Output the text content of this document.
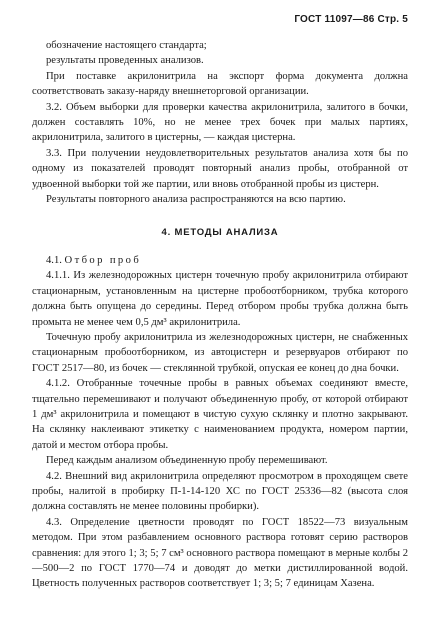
ГОСТ 11097—86 Стр. 5

обозначение настоящего стандарта;

результаты проведенных анализов.

При поставке акрилонитрила на экспорт форма документа должна соответствовать заказу-наряду внешнеторговой организации.

3.2. Объем выборки для проверки качества акрилонитрила, залитого в бочки, должен составлять 10%, но не менее трех бочек при малых партиях, акрилонитрила, залитого в цистерны, — каждая цистерна.

3.3. При получении неудовлетворительных результатов анализа хотя бы по одному из показателей проводят повторный анализ пробы, отобранной от удвоенной выборки той же партии, или вновь отобранной пробы из цистерн.

Результаты повторного анализа распространяются на всю партию.

4. МЕТОДЫ АНАЛИЗА

4.1. Отбор проб

4.1.1. Из железнодорожных цистерн точечную пробу акрилонитрила отбирают стационарным, установленным на цистерне пробоотборником, трубка которого должна быть опущена до середины. Перед отбором пробы трубка должна быть промыта не менее чем 0,5 дм³ акрилонитрила.

Точечную пробу акрилонитрила из железнодорожных цистерн, не снабженных стационарным пробоотборником, из автоцистерн и резервуаров отбирают по ГОСТ 2517—80, из бочек — стеклянной трубкой, опуская ее конец до дна бочки.

4.1.2. Отобранные точечные пробы в равных объемах соединяют вместе, тщательно перемешивают и получают объединенную пробу, от которой отбирают 1 дм³ акрилонитрила и помещают в чистую сухую склянку и плотно закрывают. На склянку наклеивают этикетку с наименованием продукта, номером партии, датой и местом отбора пробы.

Перед каждым анализом объединенную пробу перемешивают.

4.2. Внешний вид акрилонитрила определяют просмотром в проходящем свете пробы, налитой в пробирку П-1-14-120 ХС по ГОСТ 25336—82 (высота слоя должна составлять не менее половины пробирки).

4.3. Определение цветности проводят по ГОСТ 18522—73 визуальным методом. При этом разбавлением основного раствора готовят серию растворов сравнения: для этого 1; 3; 5; 7 см³ основного раствора помещают в мерные колбы 2—500—2 по ГОСТ 1770—74 и доводят до метки дистиллированной водой. Цветность полученных растворов соответствует 1; 3; 5; 7 единицам Хазена.
